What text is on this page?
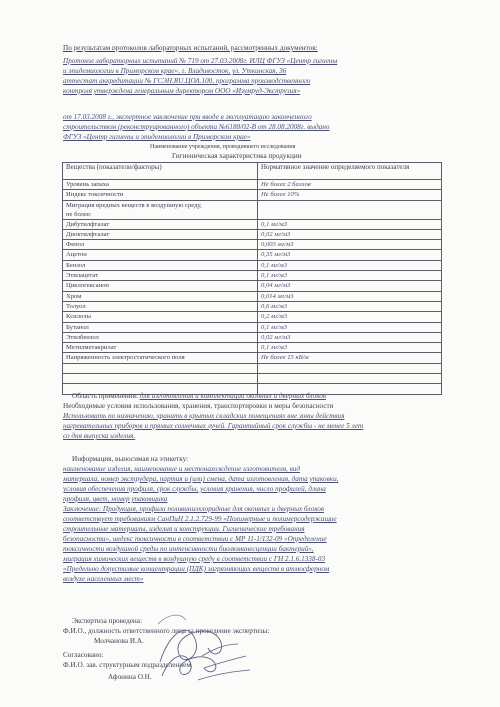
По результатам протоколов лабораторных испытаний, рассмотренных документов:
Протокол лабораторных испытаний № 719 от 27.03.2008г. ИЛЦ ФГУЗ «Центр гигиены
и эпидемиологии в Приморском крае», г. Владивосток, ул. Уткинская, 36
аттестат аккредитации № ГСЭН.RU.ЦОА.100, программа производственного
контроля утверждена генеральным директором ООО «Изумруд-Экструзия»
от 17.03.2008 г., экспертное заключение при вводе в эксплуатацию законченного
строительством (реконструированного) объекта №6188/02-В от 28.08.2008г. выдано
ФГУЗ «Центр гигиены и эпидемиологии в Приморском крае»
Наименование учреждения, проводившего исследования
Гигиеническая характеристика продукции
Вещества (показатели/факторы)	Нормативное значение определяемого показателя
Уровень запаха	Не более 2 баллов
Индекс токсичности	Не более 10%
Миграция вредных веществ в воздушную среду,
не более:	
Дибутилфталат	0,1 мг/м3
Диоктилфталат	0,02 мг/м3
Фенол	0,003 мг/м3
Ацетон	0,35 мг/м3
Бензол	0,1 мг/м3
Этилацетат	0,1 мг/м3
Циклогексанон	0,04 мг/м3
Хром	0,014 мг/м3
Толуол	0,6 мг/м3
Ксилолы	0,2 мг/м3
Бутанол	0,1 мг/м3
Этилбензол	0,02 мг/м3
Метилметакрилат	0,1 мг/м3
Напряженность электростатического поля	Не более 15 кВ/м

Область применения: для изготовления и комплектации оконных и дверных блоков
Необходимые условия использования, хранения, транспортировки и меры безопасности
Использовать по назначению, хранить в крытых складских помещениях вне зоны действия
нагревательных приборов и прямых солнечных лучей. Гарантийный срок службы - не менее 5 лет
со дня выпуска изделия.
Информация, выносимая на этикетку:
наименование изделия, наименование и местонахождение изготовителя, вид
материала, номер экструдера, партия и (или) смена, дата изготовления, дата упаковки,
условия обеспечения профиля, срок службы, условия хранения, число профилей, длина
профиля, цвет, номер упаковщика
Заключение: Продукция, профили поливинилхлоридные для оконных и дверных блоков
соответствует требованиям СанПиН 2.1.2.729-99 «Полимерные и полимерсодержащие
строительные материалы, изделия и конструкции. Гигиенические требования
безопасности», индекс токсичности в соответствии с МР 11-1/132-09 «Определение
токсичности воздушной среды по интенсивности биолюминесценции бактерий»,
миграция химических веществ в воздушную среду в соответствии с ГН 2.1.6.1338-03
«Предельно допустимые концентрации (ПДК) загрязняющих веществ в атмосферном
воздухе населенных мест»
Экспертиза проведена:
Ф.И.О., должность ответственного лица за проведение экспертизы:
Молчанова И.А.
Согласовано:
Ф.И.О. зав. структурным подразделением
Афонина О.Н.
